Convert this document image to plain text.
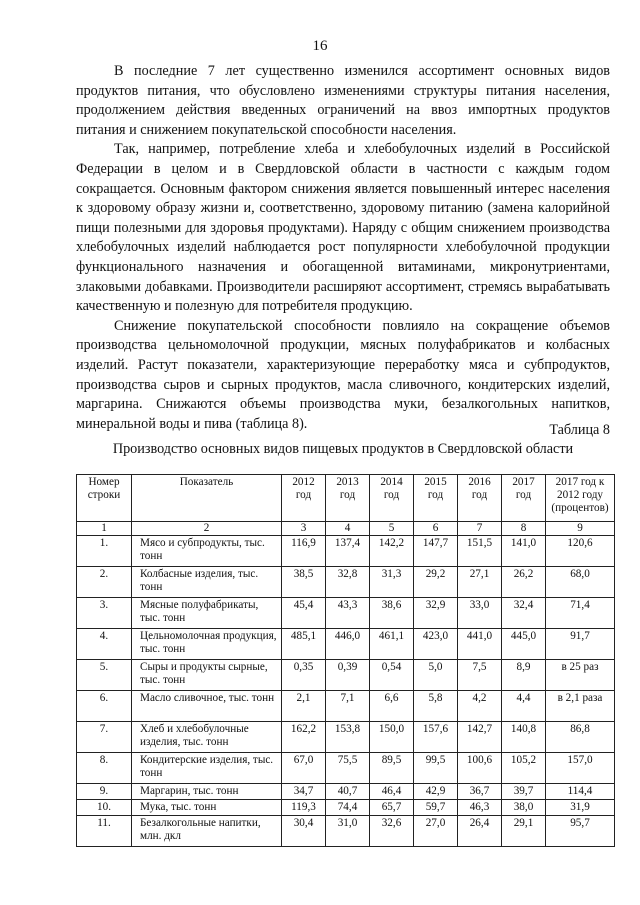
16

В последние 7 лет существенно изменился ассортимент основных видов продуктов питания, что обусловлено изменениями структуры питания населения, продолжением действия введенных ограничений на ввоз импортных продуктов питания и снижением покупательской способности населения.

Так, например, потребление хлеба и хлебобулочных изделий в Российской Федерации в целом и в Свердловской области в частности с каждым годом сокращается. Основным фактором снижения является повышенный интерес населения к здоровому образу жизни и, соответственно, здоровому питанию (замена калорийной пищи полезными для здоровья продуктами). Наряду с общим снижением производства хлебобулочных изделий наблюдается рост популярности хлебобулочной продукции функционального назначения и обогащенной витаминами, микронутриентами, злаковыми добавками. Производители расширяют ассортимент, стремясь вырабатывать качественную и полезную для потребителя продукцию.

Снижение покупательской способности повлияло на сокращение объемов производства цельномолочной продукции, мясных полуфабрикатов и колбасных изделий. Растут показатели, характеризующие переработку мяса и субпродуктов, производства сыров и сырных продуктов, масла сливочного, кондитерских изделий, маргарина. Снижаются объемы производства муки, безалкогольных напитков, минеральной воды и пива (таблица 8).	Таблица 8
Производство основных видов пищевых продуктов в Свердловской области
Номер строки	Показатель	2012 год	2013 год	2014 год	2015 год	2016 год	2017 год	2017 год к 2012 году (процентов)
1	2	3	4	5	6	7	8	9
1.	Мясо и субпродукты, тыс. тонн	116,9	137,4	142,2	147,7	151,5	141,0	120,6
2.	Колбасные изделия, тыс. тонн	38,5	32,8	31,3	29,2	27,1	26,2	68,0
3.	Мясные полуфабрикаты, тыс. тонн	45,4	43,3	38,6	32,9	33,0	32,4	71,4
4.	Цельномолочная продукция, тыс. тонн	485,1	446,0	461,1	423,0	441,0	445,0	91,7
5.	Сыры и продукты сырные, тыс. тонн	0,35	0,39	0,54	5,0	7,5	8,9	в 25 раз
6.	Масло сливочное, тыс. тонн	2,1	7,1	6,6	5,8	4,2	4,4	в 2,1 раза
7.	Хлеб и хлебобулочные изделия, тыс. тонн	162,2	153,8	150,0	157,6	142,7	140,8	86,8
8.	Кондитерские изделия, тыс. тонн	67,0	75,5	89,5	99,5	100,6	105,2	157,0
9.	Маргарин, тыс. тонн	34,7	40,7	46,4	42,9	36,7	39,7	114,4
10.	Мука, тыс. тонн	119,3	74,4	65,7	59,7	46,3	38,0	31,9
11.	Безалкогольные напитки, млн. дкл	30,4	31,0	32,6	27,0	26,4	29,1	95,7
